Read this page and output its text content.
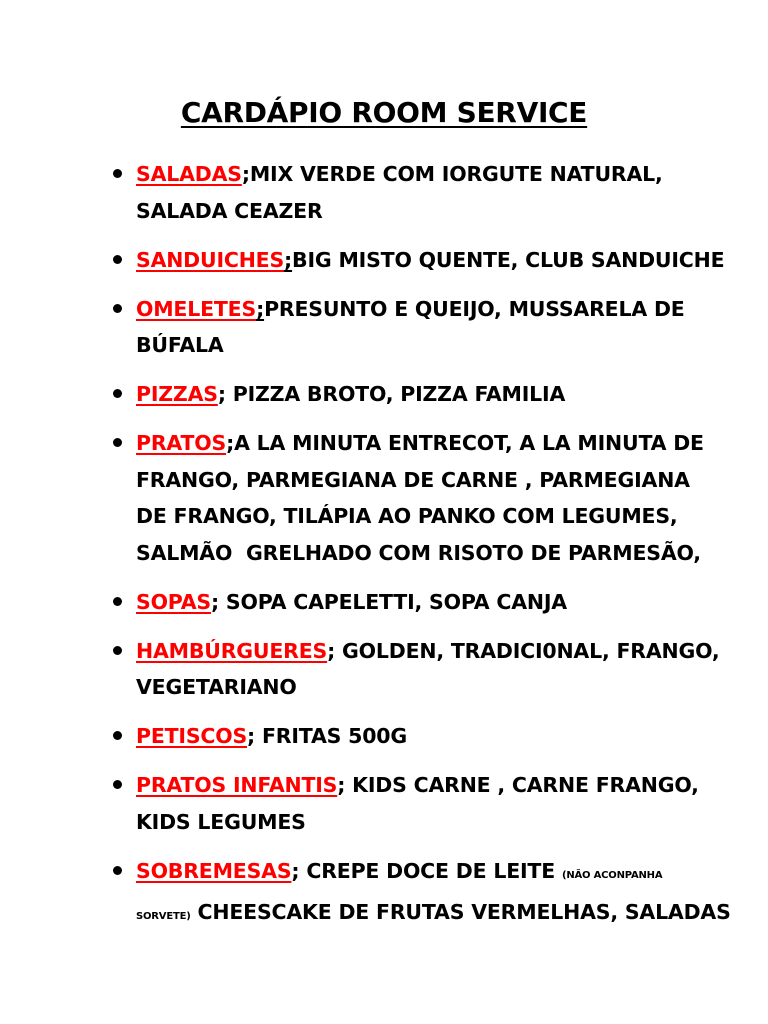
CARDÁPIO ROOM SERVICE
SALADAS;MIX VERDE COM IORGUTE NATURAL,
SALADA CEAZER
SANDUICHES;BIG MISTO QUENTE, CLUB SANDUICHE
OMELETES;PRESUNTO E QUEIJO, MUSSARELA DE
BÚFALA
PIZZAS; PIZZA BROTO, PIZZA FAMILIA
PRATOS;A LA MINUTA ENTRECOT, A LA MINUTA DE
FRANGO, PARMEGIANA DE CARNE , PARMEGIANA
DE FRANGO, TILÁPIA AO PANKO COM LEGUMES,
SALMÃO  GRELHADO COM RISOTO DE PARMESÃO,
SOPAS; SOPA CAPELETTI, SOPA CANJA
HAMBÚRGUERES; GOLDEN, TRADICI0NAL, FRANGO,
VEGETARIANO
PETISCOS; FRITAS 500G
PRATOS INFANTIS; KIDS CARNE , CARNE FRANGO,
KIDS LEGUMES
SOBREMESAS; CREPE DOCE DE LEITE (NÃO ACONPANHA
SORVETE) CHEESCAKE DE FRUTAS VERMELHAS, SALADAS
